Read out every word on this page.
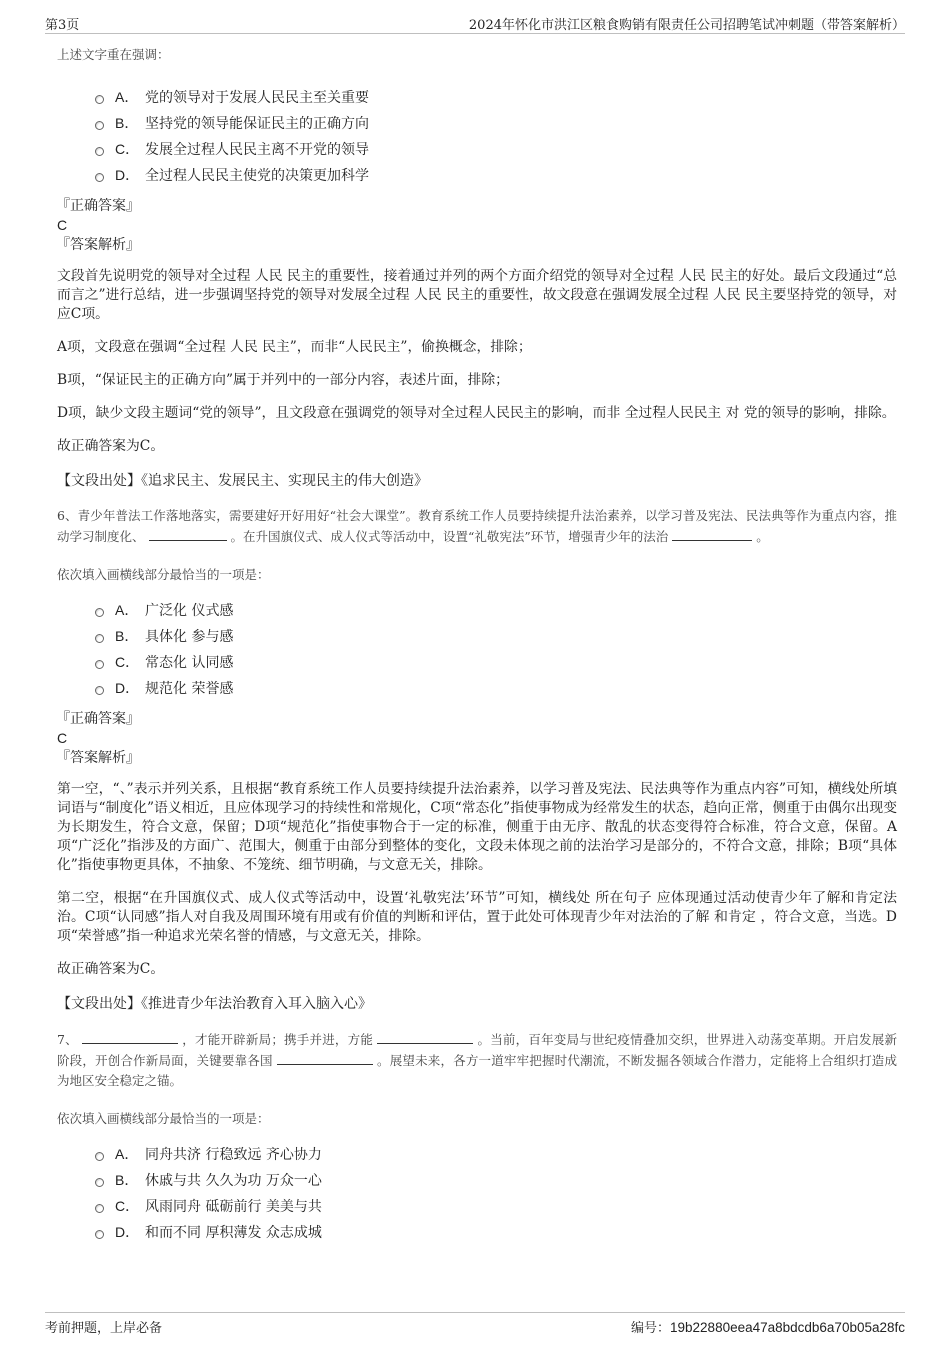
第3页	2024年怀化市洪江区粮食购销有限责任公司招聘笔试冲刺题（带答案解析）
上述文字重在强调：
A． 党的领导对于发展人民民主至关重要
B． 坚持党的领导能保证民主的正确方向
C． 发展全过程人民民主离不开党的领导
D． 全过程人民民主使党的决策更加科学
『正确答案』
C
『答案解析』

文段首先说明党的领导对全过程 人民 民主的重要性，接着通过并列的两个方面介绍党的领导对全过程 人民 民主的好处。最后文段通过“总而言之”进行总结，进一步强调坚持党的领导对发展全过程 人民 民主的重要性，故文段意在强调发展全过程 人民 民主要坚持党的领导，对应C项。

A项，文段意在强调“全过程 人民 民主”，而非“人民民主”，偷换概念，排除；

B项，“保证民主的正确方向”属于并列中的一部分内容，表述片面，排除；

D项，缺少文段主题词“党的领导”，且文段意在强调党的领导对全过程人民民主的影响，而非 全过程人民民主 对 党的领导的影响，排除。

故正确答案为C。

【文段出处】《追求民主、发展民主、实现民主的伟大创造》
6、青少年普法工作落地落实，需要建好开好用好“社会大课堂”。教育系统工作人员要持续提升法治素养，以学习普及宪法、民法典等作为重点内容，推动学习制度化、	。在升国旗仪式、成人仪式等活动中，设置“礼敬宪法”环节，增强青少年的法治	。
依次填入画横线部分最恰当的一项是：
A． 广泛化 仪式感
B． 具体化 参与感
C． 常态化 认同感
D． 规范化 荣誉感
『正确答案』
C
『答案解析』

第一空，“、”表示并列关系，且根据“教育系统工作人员要持续提升法治素养，以学习普及宪法、民法典等作为重点内容”可知，横线处所填词语与“制度化”语义相近，且应体现学习的持续性和常规化，C项“常态化”指使事物成为经常发生的状态，趋向正常，侧重于由偶尔出现变为长期发生，符合文意，保留；D项“规范化”指使事物合于一定的标准，侧重于由无序、散乱的状态变得符合标准，符合文意，保留。A项“广泛化”指涉及的方面广、范围大，侧重于由部分到整体的变化，文段未体现之前的法治学习是部分的，不符合文意，排除；B项“具体化”指使事物更具体，不抽象、不笼统、细节明确，与文意无关，排除。

第二空，根据“在升国旗仪式、成人仪式等活动中，设置‘礼敬宪法’环节”可知，横线处 所在句子 应体现通过活动使青少年了解和肯定法治。C项“认同感”指人对自我及周围环境有用或有价值的判断和评估，置于此处可体现青少年对法治的了解 和肯定 ，符合文意，当选。D项“荣誉感”指一种追求光荣名誉的情感，与文意无关，排除。

故正确答案为C。

【文段出处】《推进青少年法治教育入耳入脑入心》
7、	，才能开辟新局；携手并进，方能	。当前，百年变局与世纪疫情叠加交织，世界进入动荡变革期。开启发展新阶段，开创合作新局面，关键要靠各国	。展望未来，各方一道牢牢把握时代潮流，不断发掘各领域合作潜力，定能将上合组织打造成为地区安全稳定之锚。
依次填入画横线部分最恰当的一项是：
A． 同舟共济 行稳致远 齐心协力
B． 休戚与共 久久为功 万众一心
C． 风雨同舟 砥砺前行 美美与共
D． 和而不同 厚积薄发 众志成城
考前押题，上岸必备	编号：19b22880eea47a8bdcdb6a70b05a28fc
